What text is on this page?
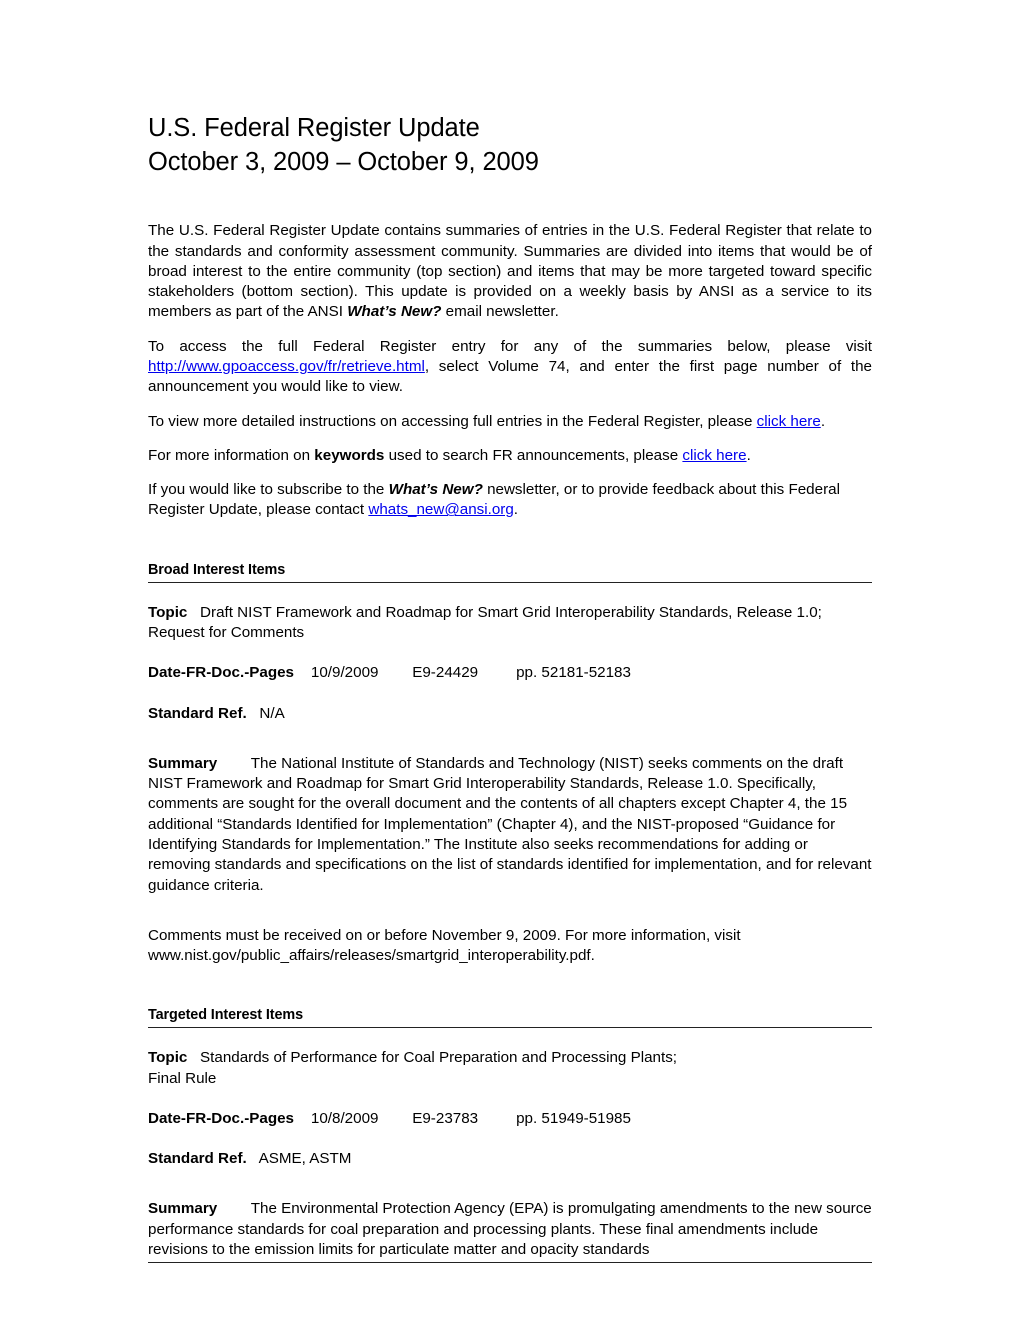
U.S. Federal Register Update
October 3, 2009 – October 9, 2009

The U.S. Federal Register Update contains summaries of entries in the U.S. Federal Register that relate to the standards and conformity assessment community. Summaries are divided into items that would be of broad interest to the entire community (top section) and items that may be more targeted toward specific stakeholders (bottom section). This update is provided on a weekly basis by ANSI as a service to its members as part of the ANSI What’s New? email newsletter.

To access the full Federal Register entry for any of the summaries below, please visit http://www.gpoaccess.gov/fr/retrieve.html, select Volume 74, and enter the first page number of the announcement you would like to view.

To view more detailed instructions on accessing full entries in the Federal Register, please click here.

For more information on keywords used to search FR announcements, please click here.

If you would like to subscribe to the What’s New? newsletter, or to provide feedback about this Federal Register Update, please contact whats_new@ansi.org.

Broad Interest Items

Topic Draft NIST Framework and Roadmap for Smart Grid Interoperability Standards, Release 1.0; Request for Comments

Date-FR-Doc.-Pages 10/9/2009 E9-24429 pp. 52181-52183

Standard Ref. N/A

Summary The National Institute of Standards and Technology (NIST) seeks comments on the draft NIST Framework and Roadmap for Smart Grid Interoperability Standards, Release 1.0. Specifically, comments are sought for the overall document and the contents of all chapters except Chapter 4, the 15 additional “Standards Identified for Implementation” (Chapter 4), and the NIST-proposed “Guidance for Identifying Standards for Implementation.” The Institute also seeks recommendations for adding or removing standards and specifications on the list of standards identified for implementation, and for relevant guidance criteria.

Comments must be received on or before November 9, 2009. For more information, visit www.nist.gov/public_affairs/releases/smartgrid_interoperability.pdf.

Targeted Interest Items

Topic Standards of Performance for Coal Preparation and Processing Plants;
Final Rule

Date-FR-Doc.-Pages 10/8/2009 E9-23783 pp. 51949-51985

Standard Ref. ASME, ASTM

Summary The Environmental Protection Agency (EPA) is promulgating amendments to the new source performance standards for coal preparation and processing plants. These final amendments include revisions to the emission limits for particulate matter and opacity standards
